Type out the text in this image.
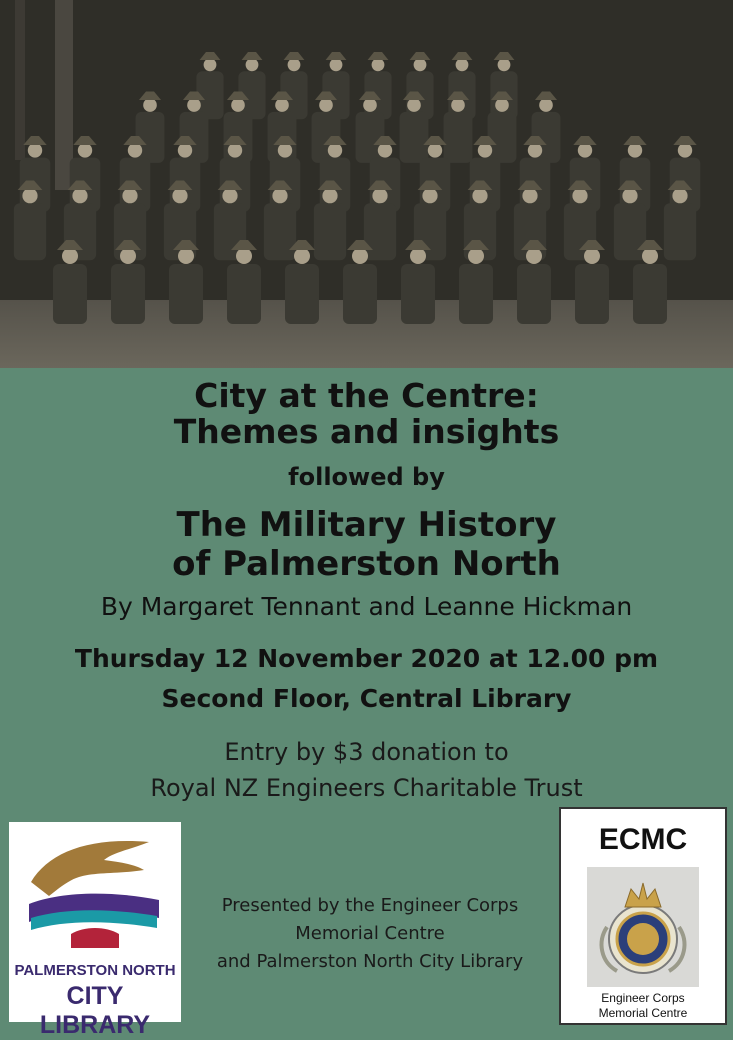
City at the Centre:
Themes and insights
followed by
The Military History
of Palmerston North
By Margaret Tennant and Leanne Hickman
Thursday 12 November 2020 at 12.00 pm
Second Floor, Central Library
Entry by $3 donation to
Royal NZ Engineers Charitable Trust
PALMERSTON NORTH
CITY LIBRARY
Presented by the Engineer Corps
Memorial Centre
and Palmerston North City Library
ECMC
Engineer Corps
Memorial Centre
